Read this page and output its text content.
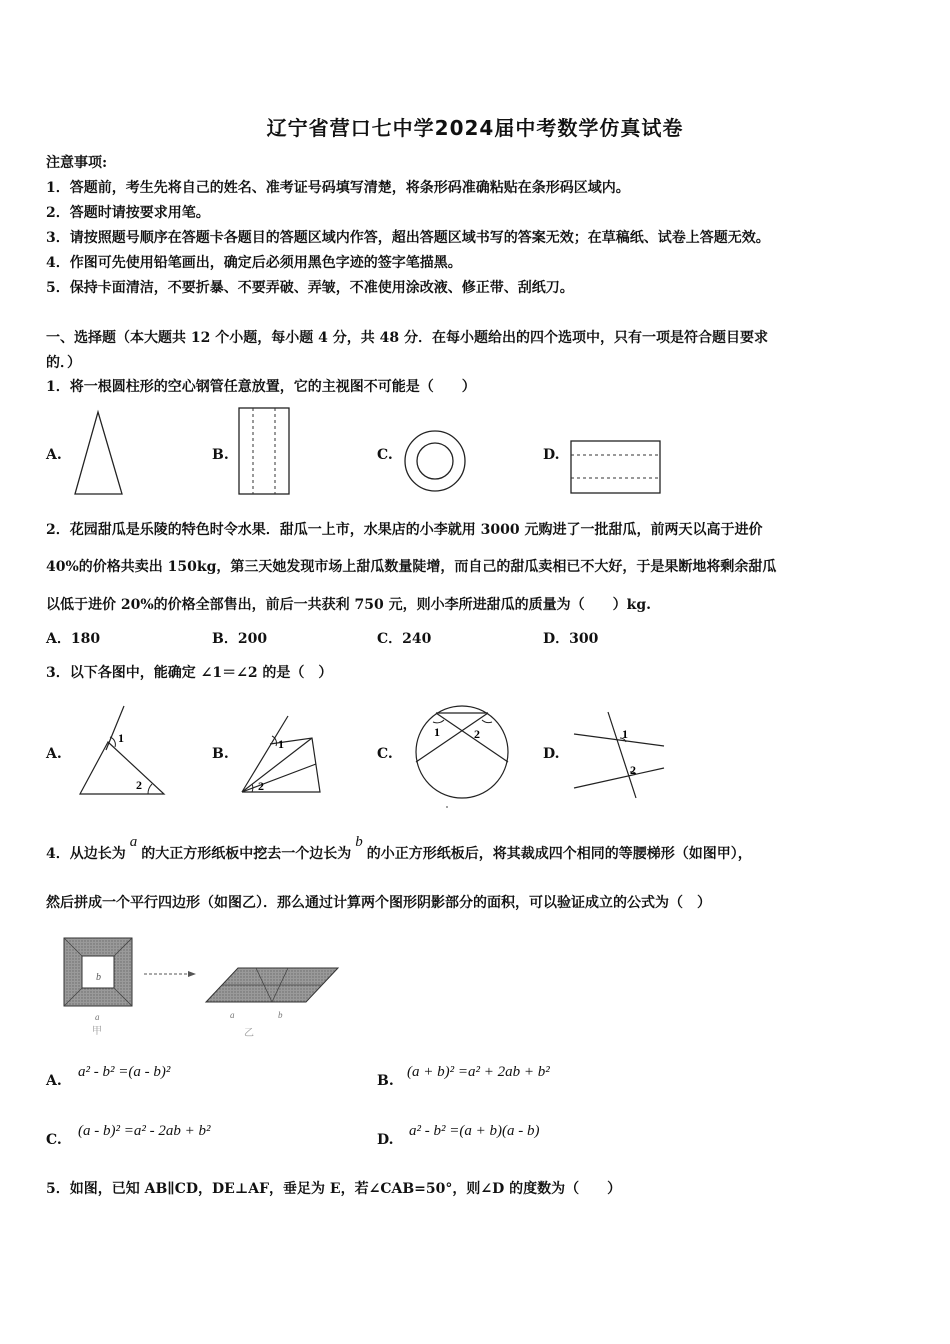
辽宁省营口七中学2024届中考数学仿真试卷
注意事项:
1．答题前，考生先将自己的姓名、准考证号码填写清楚，将条形码准确粘贴在条形码区域内。
2．答题时请按要求用笔。
3．请按照题号顺序在答题卡各题目的答题区域内作答，超出答题区域书写的答案无效；在草稿纸、试卷上答题无效。
4．作图可先使用铅笔画出，确定后必须用黑色字迹的签字笔描黑。
5．保持卡面清洁，不要折暴、不要弄破、弄皱，不准使用涂改液、修正带、刮纸刀。
一、选择题（本大题共 12 个小题，每小题 4 分，共 48 分．在每小题给出的四个选项中，只有一项是符合题目要求
的．）
1．将一根圆柱形的空心钢管任意放置，它的主视图不可能是（　　）
A.	B.	C.	D.
2．花园甜瓜是乐陵的特色时令水果．甜瓜一上市，水果店的小李就用 3000 元购进了一批甜瓜，前两天以高于进价
40%的价格共卖出 150kg，第三天她发现市场上甜瓜数量陡增，而自己的甜瓜卖相已不大好，于是果断地将剩余甜瓜
以低于进价 20%的价格全部售出，前后一共获利 750 元，则小李所进甜瓜的质量为（　　）kg.
A．180	B．200	C．240	D．300
3．以下各图中，能确定 ∠1＝∠2 的是（　）
A.	B.	C.	D.
1
2
1
2
1	2	1
2
4．从边长为a的大正方形纸板中挖去一个边长为b的小正方形纸板后，将其裁成四个相同的等腰梯形（如图甲），
然后拼成一个平行四边形（如图乙）．那么通过计算两个图形阴影部分的面积，可以验证成立的公式为（　）
b
a
甲
a	b
乙
A.
a² - b² =(a - b)²
B.
(a + b)² =a² + 2ab + b²
C.
(a - b)² =a² - 2ab + b²
D.
a² - b² =(a + b)(a - b)
5．如图，已知 AB∥CD，DE⊥AF，垂足为 E，若∠CAB=50°，则∠D 的度数为（　　）
